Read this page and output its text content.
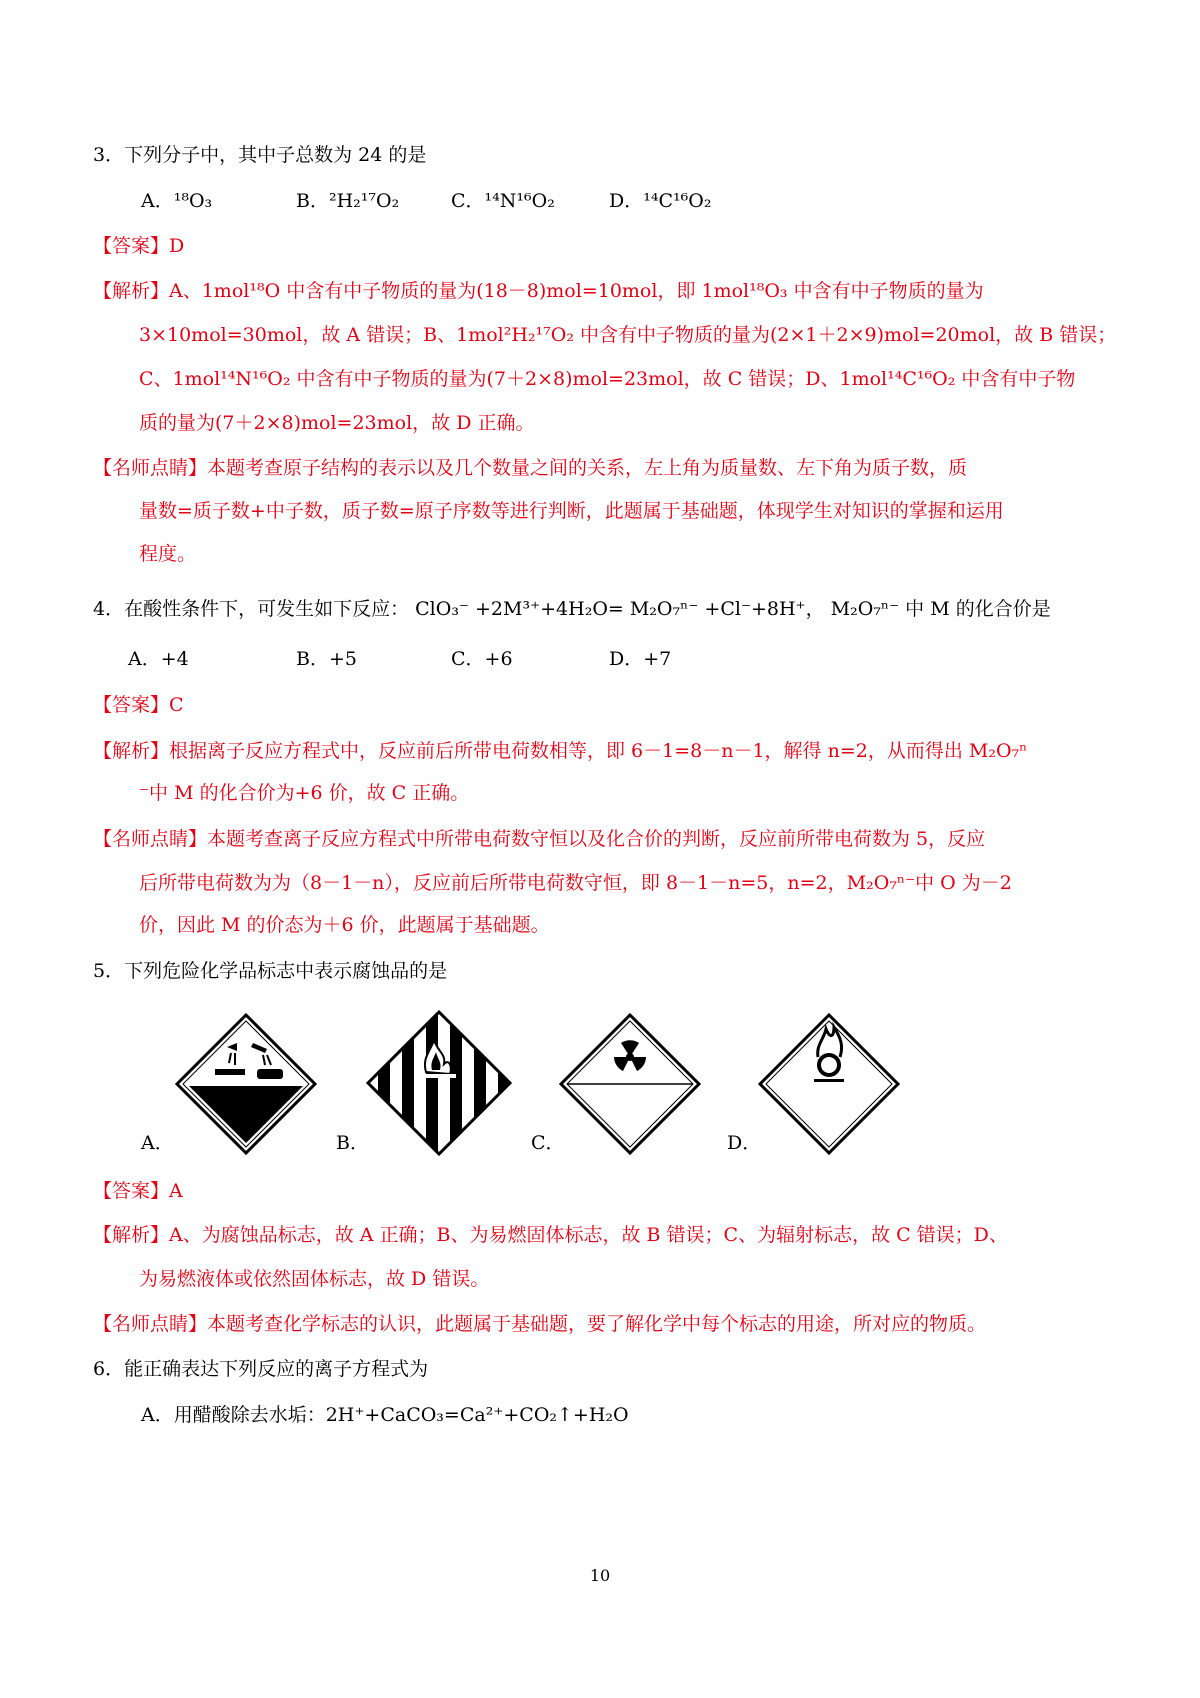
3．下列分子中，其中子总数为 24 的是
A．¹⁸O₃	B．²H₂¹⁷O₂	C．¹⁴N¹⁶O₂	D．¹⁴C¹⁶O₂
【答案】D
【解析】A、1mol¹⁸O 中含有中子物质的量为(18－8)mol=10mol，即 1mol¹⁸O₃ 中含有中子物质的量为
3×10mol=30mol，故 A 错误；B、1mol²H₂¹⁷O₂ 中含有中子物质的量为(2×1＋2×9)mol=20mol，故 B 错误；
C、1mol¹⁴N¹⁶O₂ 中含有中子物质的量为(7＋2×8)mol=23mol，故 C 错误；D、1mol¹⁴C¹⁶O₂ 中含有中子物
质的量为(7＋2×8)mol=23mol，故 D 正确。
【名师点睛】本题考查原子结构的表示以及几个数量之间的关系，左上角为质量数、左下角为质子数，质
量数=质子数+中子数，质子数=原子序数等进行判断，此题属于基础题，体现学生对知识的掌握和运用
程度。
4．在酸性条件下，可发生如下反应： ClO₃⁻ +2M³⁺+4H₂O= M₂O₇ⁿ⁻ +Cl⁻+8H⁺， M₂O₇ⁿ⁻ 中 M 的化合价是
A．+4	B．+5	C．+6	D．+7
【答案】C
【解析】根据离子反应方程式中，反应前后所带电荷数相等，即 6－1=8－n－1，解得 n=2，从而得出 M₂O₇ⁿ
⁻中 M 的化合价为+6 价，故 C 正确。
【名师点睛】本题考查离子反应方程式中所带电荷数守恒以及化合价的判断，反应前所带电荷数为 5，反应
后所带电荷数为为（8－1－n），反应前后所带电荷数守恒，即 8－1－n=5，n=2，M₂O₇ⁿ⁻中 O 为－2
价，因此 M 的价态为＋6 价，此题属于基础题。
5．下列危险化学品标志中表示腐蚀品的是
A．	B．	C．	D．
【答案】A
【解析】A、为腐蚀品标志，故 A 正确；B、为易燃固体标志，故 B 错误；C、为辐射标志，故 C 错误；D、
为易燃液体或依然固体标志，故 D 错误。
【名师点睛】本题考查化学标志的认识，此题属于基础题，要了解化学中每个标志的用途，所对应的物质。
6．能正确表达下列反应的离子方程式为
A．用醋酸除去水垢：2H⁺+CaCO₃=Ca²⁺+CO₂↑+H₂O
10
